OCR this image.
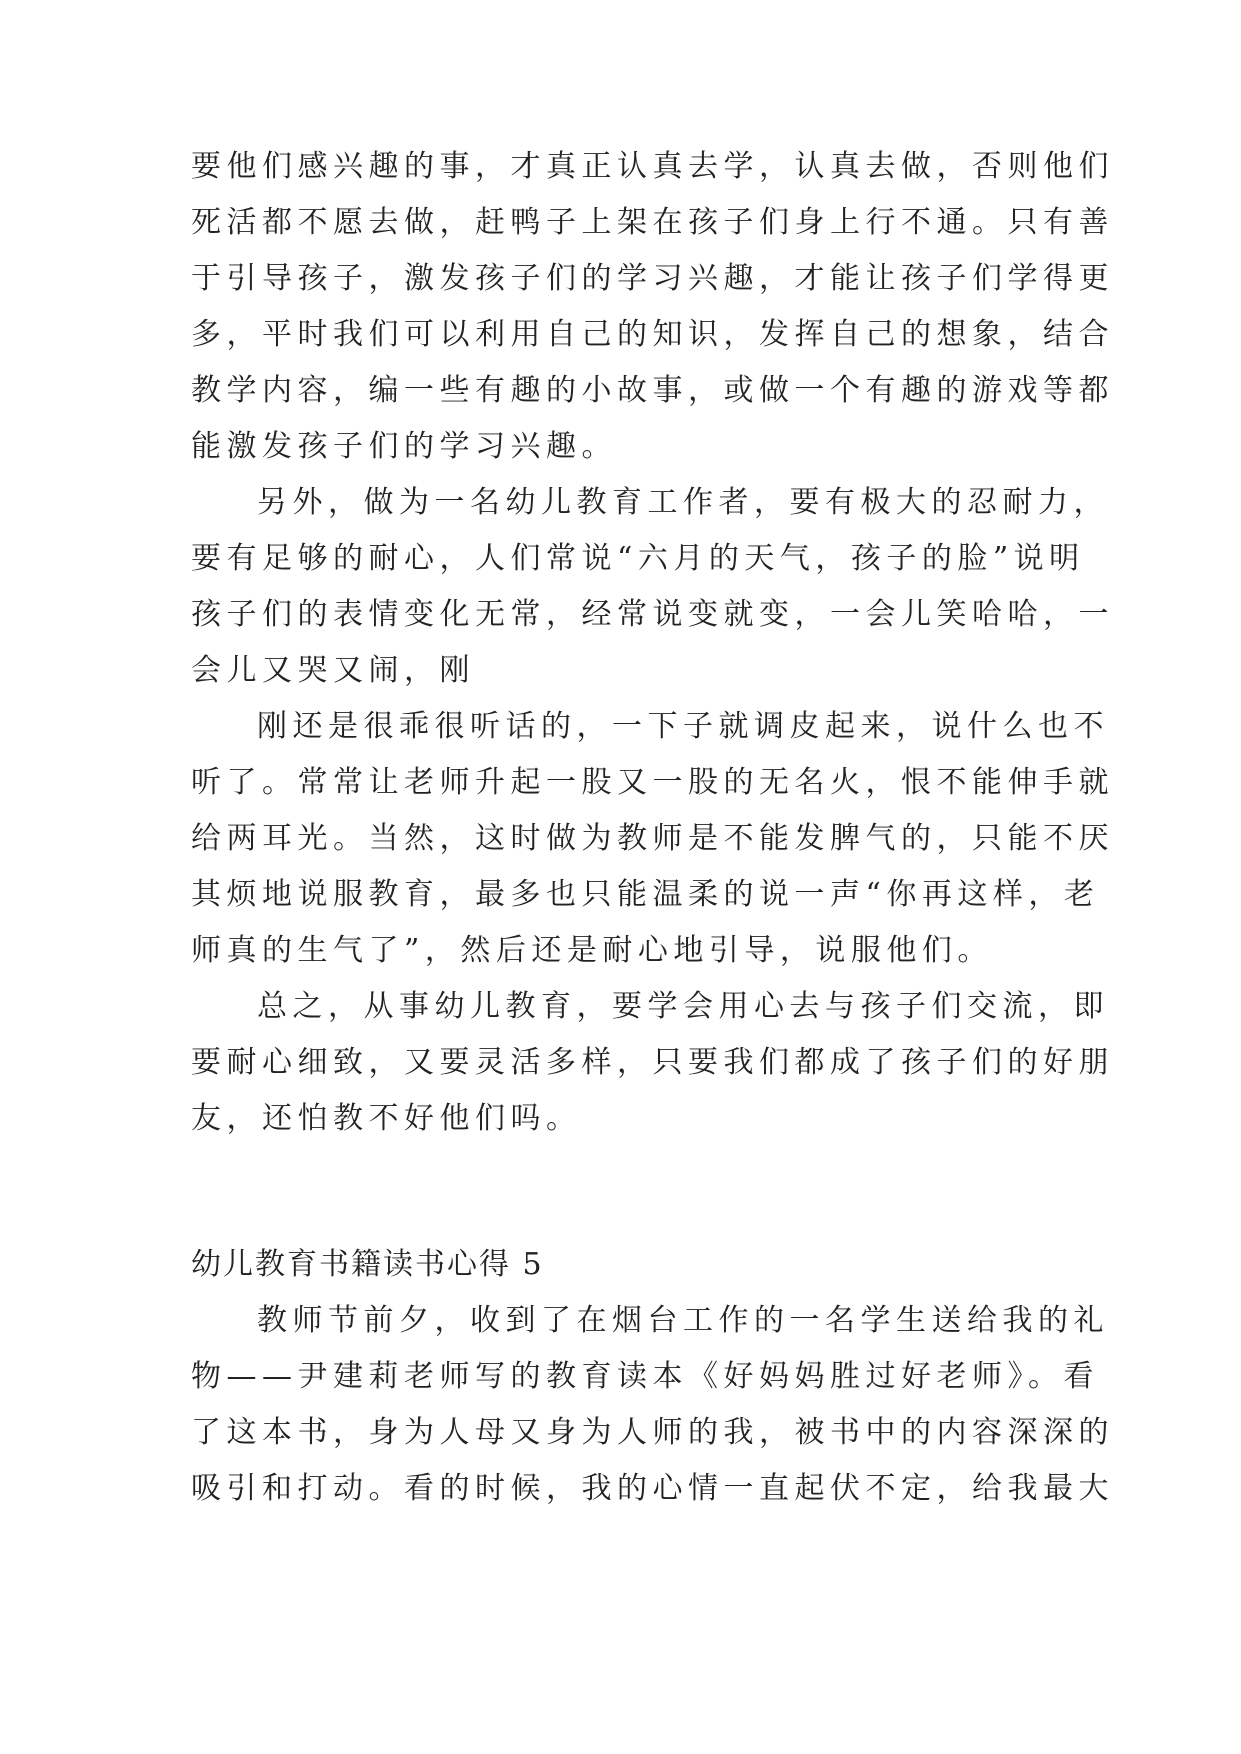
要他们感兴趣的事，才真正认真去学，认真去做，否则他们
死活都不愿去做，赶鸭子上架在孩子们身上行不通。只有善
于引导孩子，激发孩子们的学习兴趣，才能让孩子们学得更
多，平时我们可以利用自己的知识，发挥自己的想象，结合
教学内容，编一些有趣的小故事，或做一个有趣的游戏等都
能激发孩子们的学习兴趣。
另外，做为一名幼儿教育工作者，要有极大的忍耐力，
要有足够的耐心，人们常说“六月的天气，孩子的脸”说明
孩子们的表情变化无常，经常说变就变，一会儿笑哈哈，一
会儿又哭又闹，刚
刚还是很乖很听话的，一下子就调皮起来，说什么也不
听了。常常让老师升起一股又一股的无名火，恨不能伸手就
给两耳光。当然，这时做为教师是不能发脾气的，只能不厌
其烦地说服教育，最多也只能温柔的说一声“你再这样，老
师真的生气了”，然后还是耐心地引导，说服他们。
总之，从事幼儿教育，要学会用心去与孩子们交流，即
要耐心细致，又要灵活多样，只要我们都成了孩子们的好朋
友，还怕教不好他们吗。
幼儿教育书籍读书心得 5
教师节前夕，收到了在烟台工作的一名学生送给我的礼
物——尹建莉老师写的教育读本《好妈妈胜过好老师》。看
了这本书，身为人母又身为人师的我，被书中的内容深深的
吸引和打动。看的时候，我的心情一直起伏不定，给我最大
